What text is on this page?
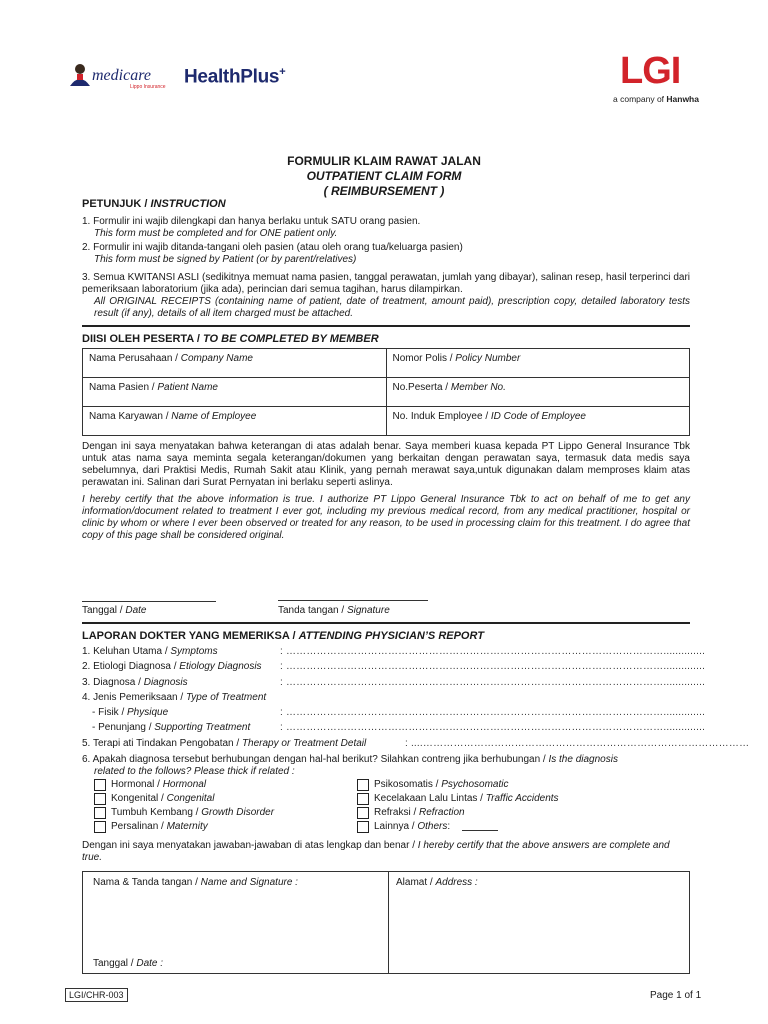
medicare
Lippo Insurance HealthPlus+	LGI
a company of Hanwha
FORMULIR KLAIM RAWAT JALAN
OUTPATIENT CLAIM FORM
( REIMBURSEMENT )
PETUNJUK / INSTRUCTION
1. Formulir ini wajib dilengkapi dan hanya berlaku untuk SATU orang pasien.
This form must be completed and for ONE patient only.
2. Formulir ini wajib ditanda-tangani oleh pasien (atau oleh orang tua/keluarga pasien)
This form must be signed by Patient (or by parent/relatives)
3. Semua KWITANSI ASLI (sedikitnya memuat nama pasien, tanggal perawatan, jumlah yang dibayar), salinan resep, hasil terperinci dari pemeriksaan laboratorium (jika ada), perincian dari semua tagihan, harus dilampirkan.
All ORIGINAL RECEIPTS (containing name of patient, date of treatment, amount paid), prescription copy, detailed laboratory tests result (if any), details of all item charged must be attached.
DIISI OLEH PESERTA / TO BE COMPLETED BY MEMBER
Nama Perusahaan / Company Name	Nomor Polis / Policy Number
Nama Pasien / Patient Name	No.Peserta / Member No.
Nama Karyawan / Name of Employee	No. Induk Employee / ID Code of Employee
Dengan ini saya menyatakan bahwa keterangan di atas adalah benar. Saya memberi kuasa kepada PT Lippo General Insurance Tbk untuk atas nama saya meminta segala keterangan/dokumen yang berkaitan dengan perawatan saya, termasuk data medis saya sebelumnya, dari Praktisi Medis, Rumah Sakit atau Klinik, yang pernah merawat saya,untuk digunakan dalam memproses klaim atas perawatan ini. Salinan dari Surat Pernyatan ini berlaku seperti aslinya.
I hereby certify that the above information is true. I authorize PT Lippo General Insurance Tbk to act on behalf of me to get any information/document related to treatment I ever got, including my previous medical record, from any medical practitioner, hospital or clinic by whom or where I ever been observed or treated for any reason, to be used in processing claim for this treatment. I do agree that copy of this page shall be considered original.
Tanggal / Date	Tanda tangan / Signature
LAPORAN DOKTER YANG MEMERIKSA / ATTENDING PHYSICIAN’S REPORT
1. Keluhan Utama / Symptoms	: …………………………………………………………………………………………………..............
2. Etiologi Diagnosa / Etiology Diagnosis : …………………………………………………………………………………………………..............
3. Diagnosa / Diagnosis	: …………………………………………………………………………………………………..............
4. Jenis Pemeriksaan / Type of Treatment
- Fisik / Physique	: …………………………………………………………………………………………………..............
- Penunjang / Supporting Treatment	: …………………………………………………………………………………………………..............
5. Terapi ati Tindakan Pengobatan / Therapy or Treatment Detail	: ....……………………………………………………………………………………
6. Apakah diagnosa tersebut berhubungan dengan hal-hal berikut? Silahkan contreng jika berhubungan / Is the diagnosis
related to the follows? Please thick if related :
Hormonal / Hormonal
Kongenital / Congenital
Tumbuh Kembang / Growth Disorder
Persalinan / Maternity
Psikosomatis / Psychosomatic
Kecelakaan Lalu Lintas / Traffic Accidents
Refraksi / Refraction
Lainnya / Others:
Dengan ini saya menyatakan jawaban-jawaban di atas lengkap dan benar / I hereby certify that the above answers are complete and true.
Nama & Tanda tangan / Name and Signature :	Alamat / Address :
Tanggal / Date :
LGI/CHR-003	Page 1 of 1
